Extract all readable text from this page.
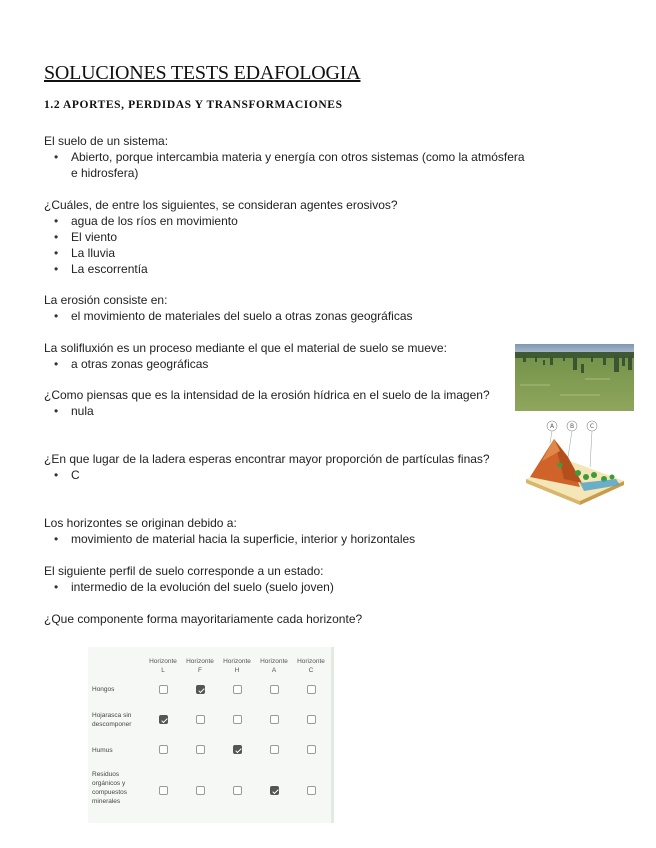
SOLUCIONES TESTS EDAFOLOGIA
1.2 APORTES, PERDIDAS Y TRANSFORMACIONES

El suelo de un sistema:

• Abierto, porque intercambia materia y energía con otros sistemas (como la atmósfera e hidrosfera)

¿Cuáles, de entre los siguientes, se consideran agentes erosivos?

• agua de los ríos en movimiento
• El viento
• La lluvia
• La escorrentía

La erosión consiste en:

• el movimiento de materiales del suelo a otras zonas geográficas

La solifluxión es un proceso mediante el que el material de suelo se mueve:

• a otras zonas geográficas

¿Como piensas que es la intensidad de la erosión hídrica en el suelo de la imagen?

• nula

¿En que lugar de la ladera esperas encontrar mayor proporción de partículas finas?

• C

Los horizontes se originan debido a:

• movimiento de material hacia la superficie, interior y horizontales

El siguiente perfil de suelo corresponde a un estado:

• intermedio de la evolución del suelo (suelo joven)

¿Que componente forma mayoritariamente cada horizonte?

A	B	C
Horizonte
L
Horizonte
F
Horizonte
H
Horizonte
A
Horizonte
C
Hongos
Hojarasca sin
descomponer
Humus
Residuos
orgánicos y
compuestos
minerales
